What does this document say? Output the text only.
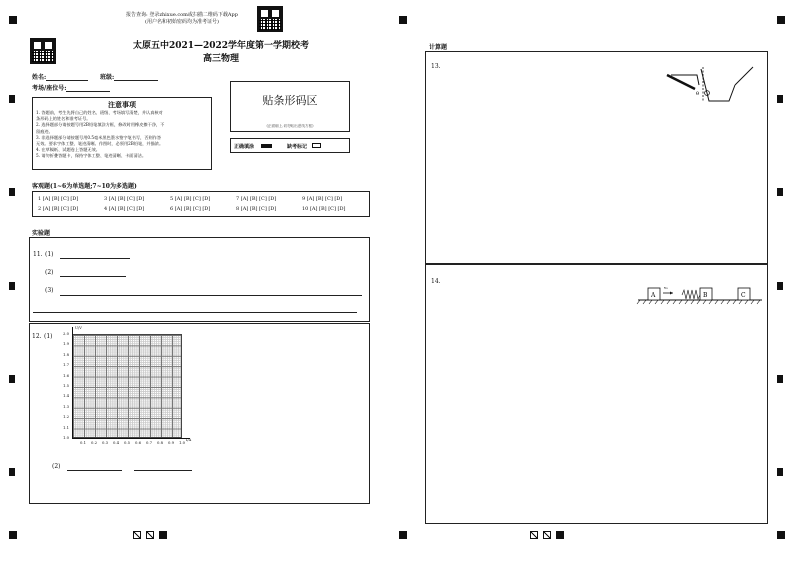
报告查询: 登录zhixue.com或扫描二维码下载App
(用户名和初始密码均为准考证号)
太原五中2021—2022学年度第一学期校考
高三物理
姓名:	班级:
考场/座位号:
注意事项
1. 答题前，考生先将自己的姓名、班级、考场填写清楚，并认真核对
条形码上的姓名和准考证号。
2. 选择题部分请按题号用2B铅笔填涂方框，修改时用橡皮擦干净，不
留痕迹。
3. 非选择题部分请按题号用0.5毫米黑色墨水签字笔书写，否则作答
无效。要求字体工整、笔迹清晰。作图时，必须用2B铅笔，并描浓。
4. 在草稿纸、试题卷上答题无效。
5. 请勿折叠答题卡，保持字体工整、笔迹清晰、卡面清洁。
贴条形码区
(正面朝上,切勿贴出虚线方框)
正确填涂	缺考标记
客观题(1~6为单选题;7~10为多选题)
1 [A] [B] [C] [D]	3 [A] [B] [C] [D]	5 [A] [B] [C] [D]	7 [A] [B] [C] [D]	9 [A] [B] [C] [D]
2 [A] [B] [C] [D]	4 [A] [B] [C] [D]	6 [A] [B] [C] [D]	8 [A] [B] [C] [D]	10 [A] [B] [C] [D]
实验题
11. (1)
(2)
(3)
12. (1)
U/V
I/A
2.0
1.9
1.8
1.7
1.6
1.5
1.4
1.3
1.2
1.1
1.0
0.1 0.2 0.3 0.4 0.5 0.6 0.7 0.8 0.9 1.0
(2)
计算题
13.
θ
14.
A
v₀
B	C
